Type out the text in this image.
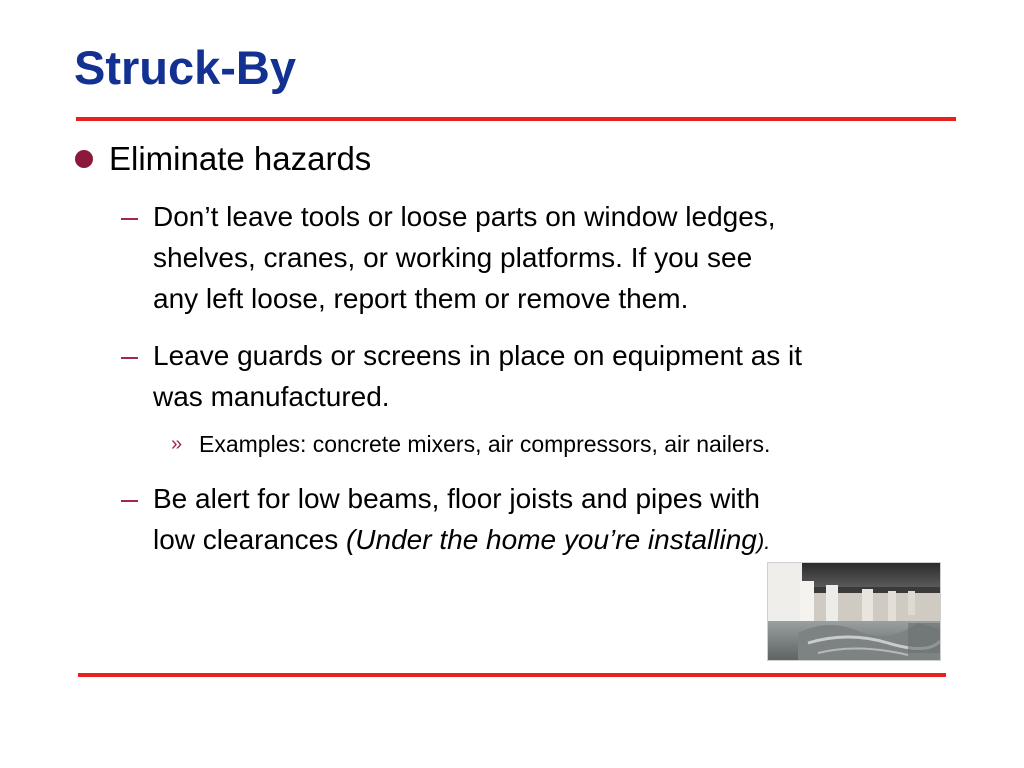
Struck-By
Eliminate hazards
Don’t leave tools or loose parts on window ledges,
shelves, cranes, or working platforms. If you see
any left loose, report them or remove them.
Leave guards or screens in place on equipment as it
was manufactured.
» Examples: concrete mixers, air compressors, air nailers.
Be alert for low beams, floor joists and pipes with
low clearances (Under the home you’re installing).
